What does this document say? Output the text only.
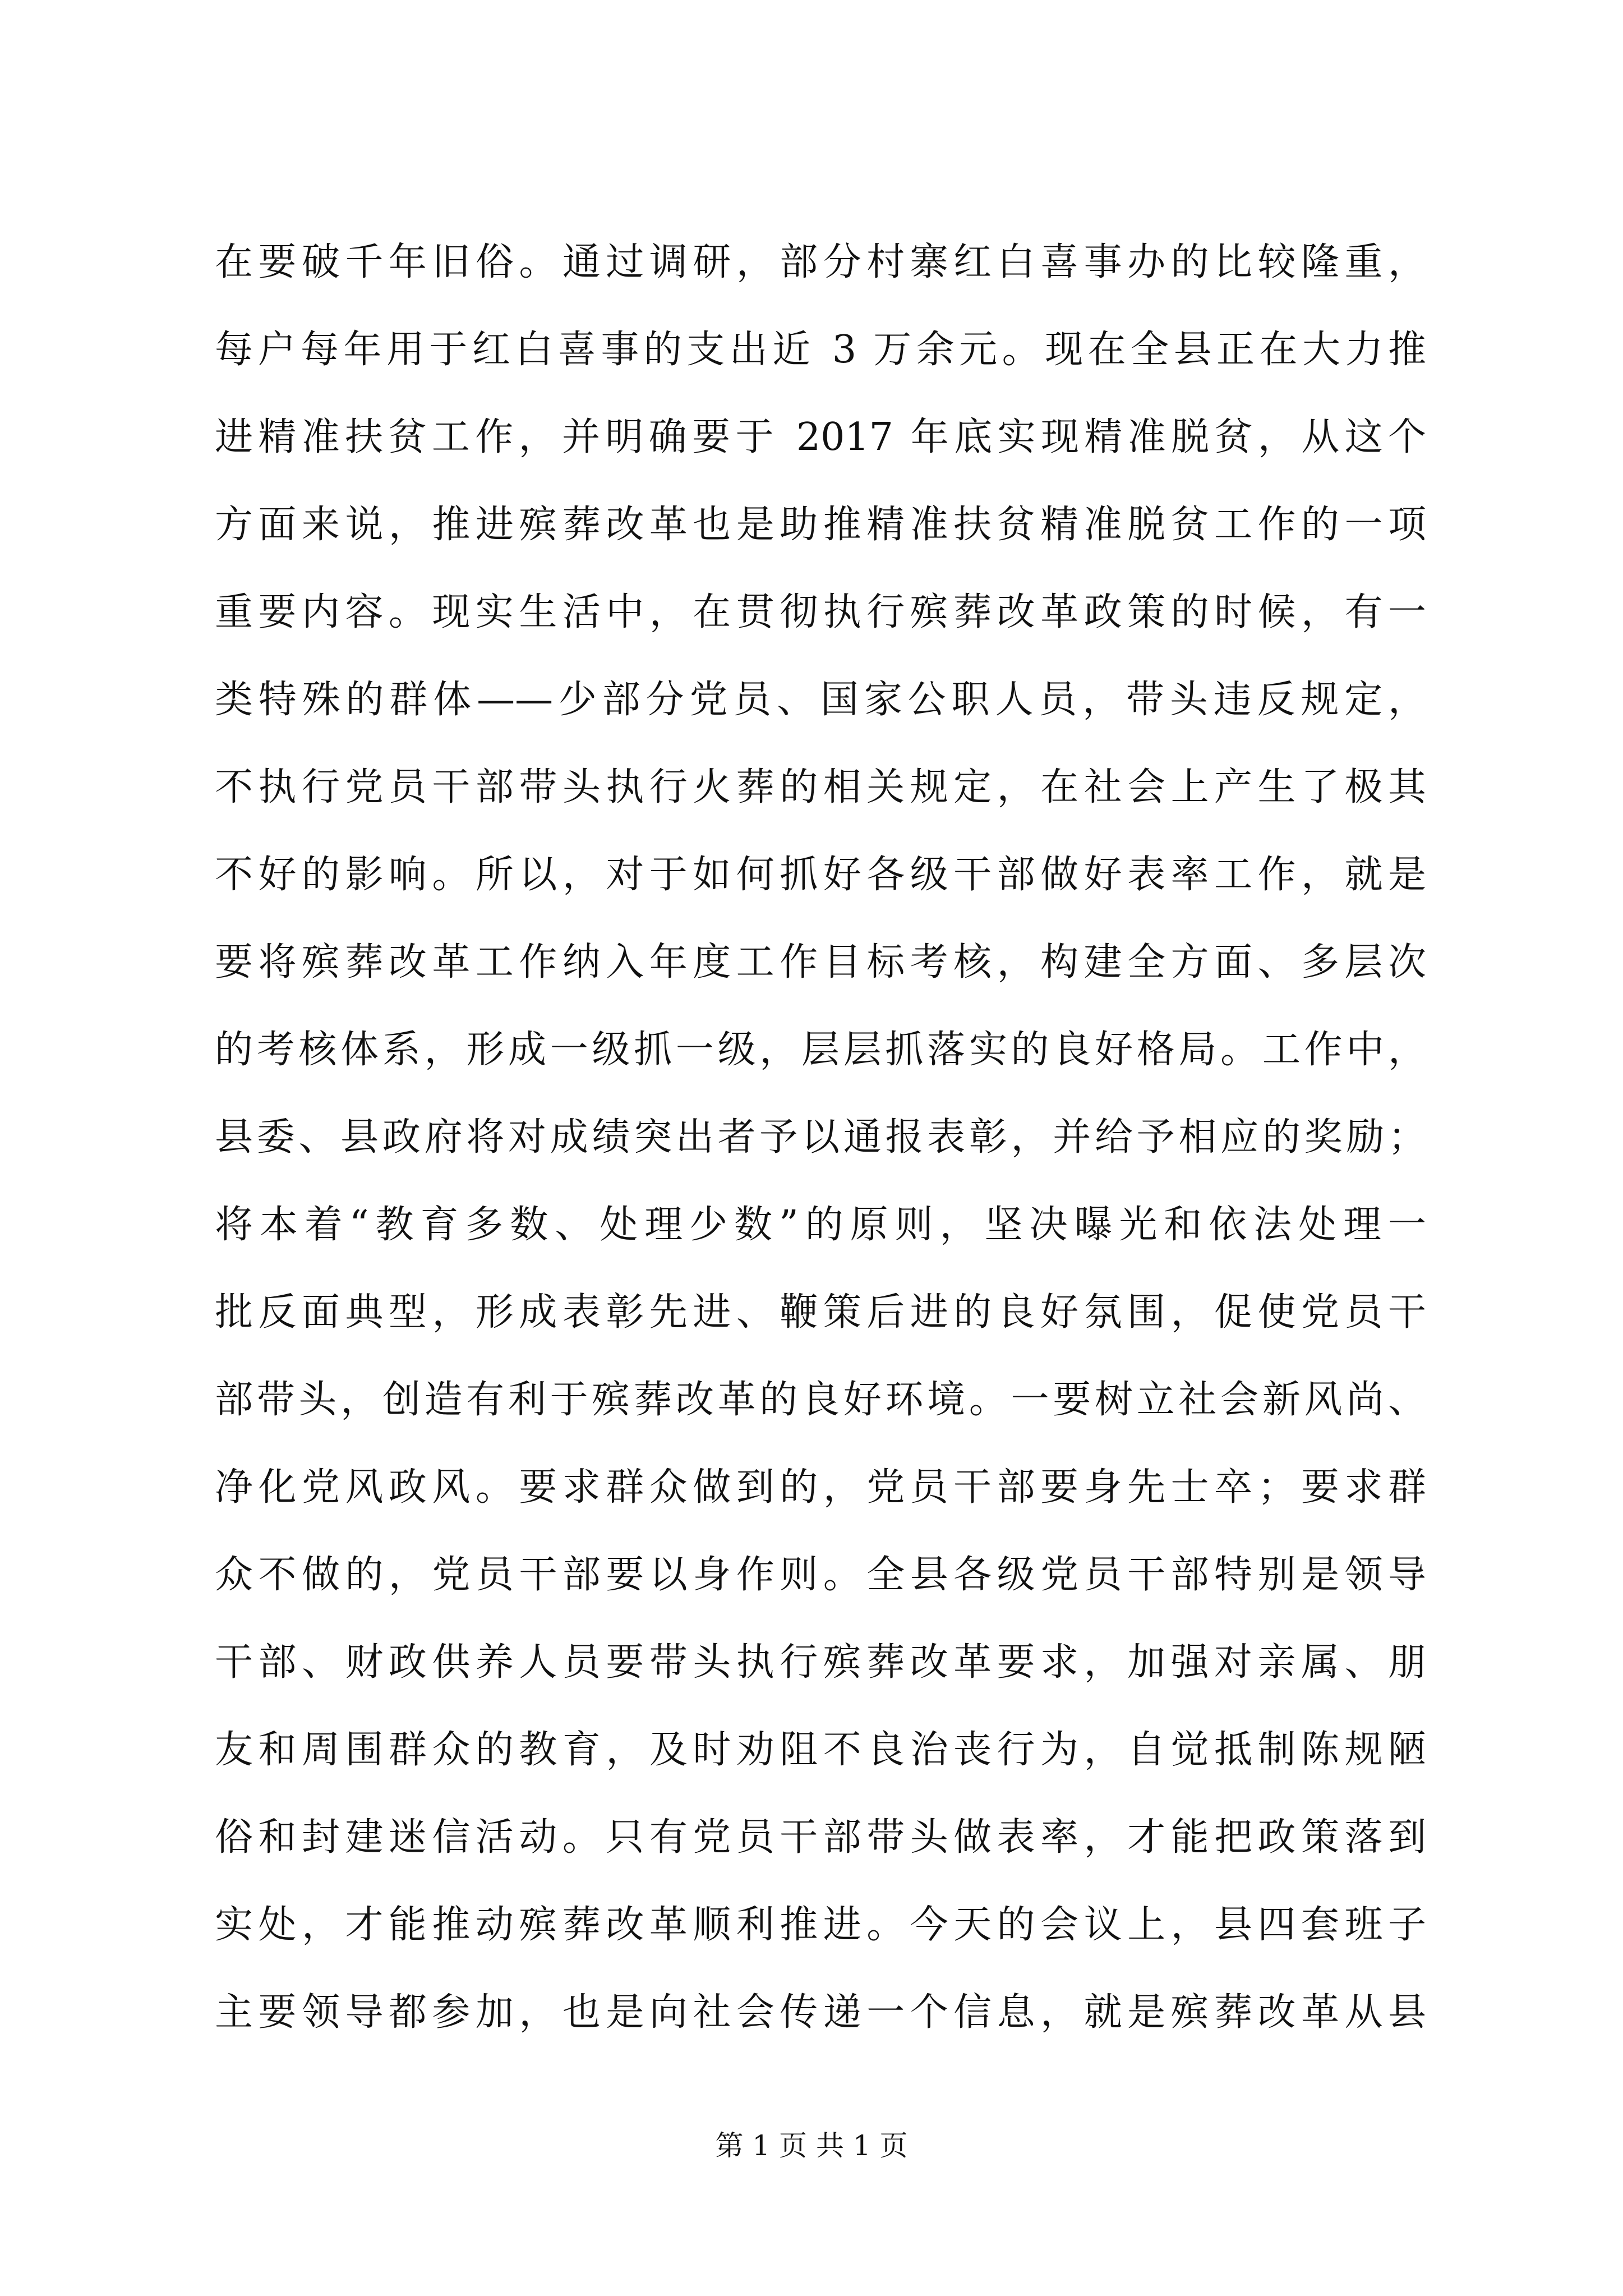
在要破千年旧俗。通过调研，部分村寨红白喜事办的比较隆重，
每户每年用于红白喜事的支出近 3 万余元。现在全县正在大力推
进精准扶贫工作，并明确要于 2017 年底实现精准脱贫，从这个
方面来说，推进殡葬改革也是助推精准扶贫精准脱贫工作的一项
重要内容。现实生活中，在贯彻执行殡葬改革政策的时候，有一
类特殊的群体——少部分党员、国家公职人员，带头违反规定，
不执行党员干部带头执行火葬的相关规定，在社会上产生了极其
不好的影响。所以，对于如何抓好各级干部做好表率工作，就是
要将殡葬改革工作纳入年度工作目标考核，构建全方面、多层次
的考核体系，形成一级抓一级，层层抓落实的良好格局。工作中，
县委、县政府将对成绩突出者予以通报表彰，并给予相应的奖励；
将本着“教育多数、处理少数”的原则，坚决曝光和依法处理一
批反面典型，形成表彰先进、鞭策后进的良好氛围，促使党员干
部带头，创造有利于殡葬改革的良好环境。一要树立社会新风尚、
净化党风政风。要求群众做到的，党员干部要身先士卒；要求群
众不做的，党员干部要以身作则。全县各级党员干部特别是领导
干部、财政供养人员要带头执行殡葬改革要求，加强对亲属、朋
友和周围群众的教育，及时劝阻不良治丧行为，自觉抵制陈规陋
俗和封建迷信活动。只有党员干部带头做表率，才能把政策落到
实处，才能推动殡葬改革顺利推进。今天的会议上，县四套班子
主要领导都参加，也是向社会传递一个信息，就是殡葬改革从县
第 1 页 共 1 页
